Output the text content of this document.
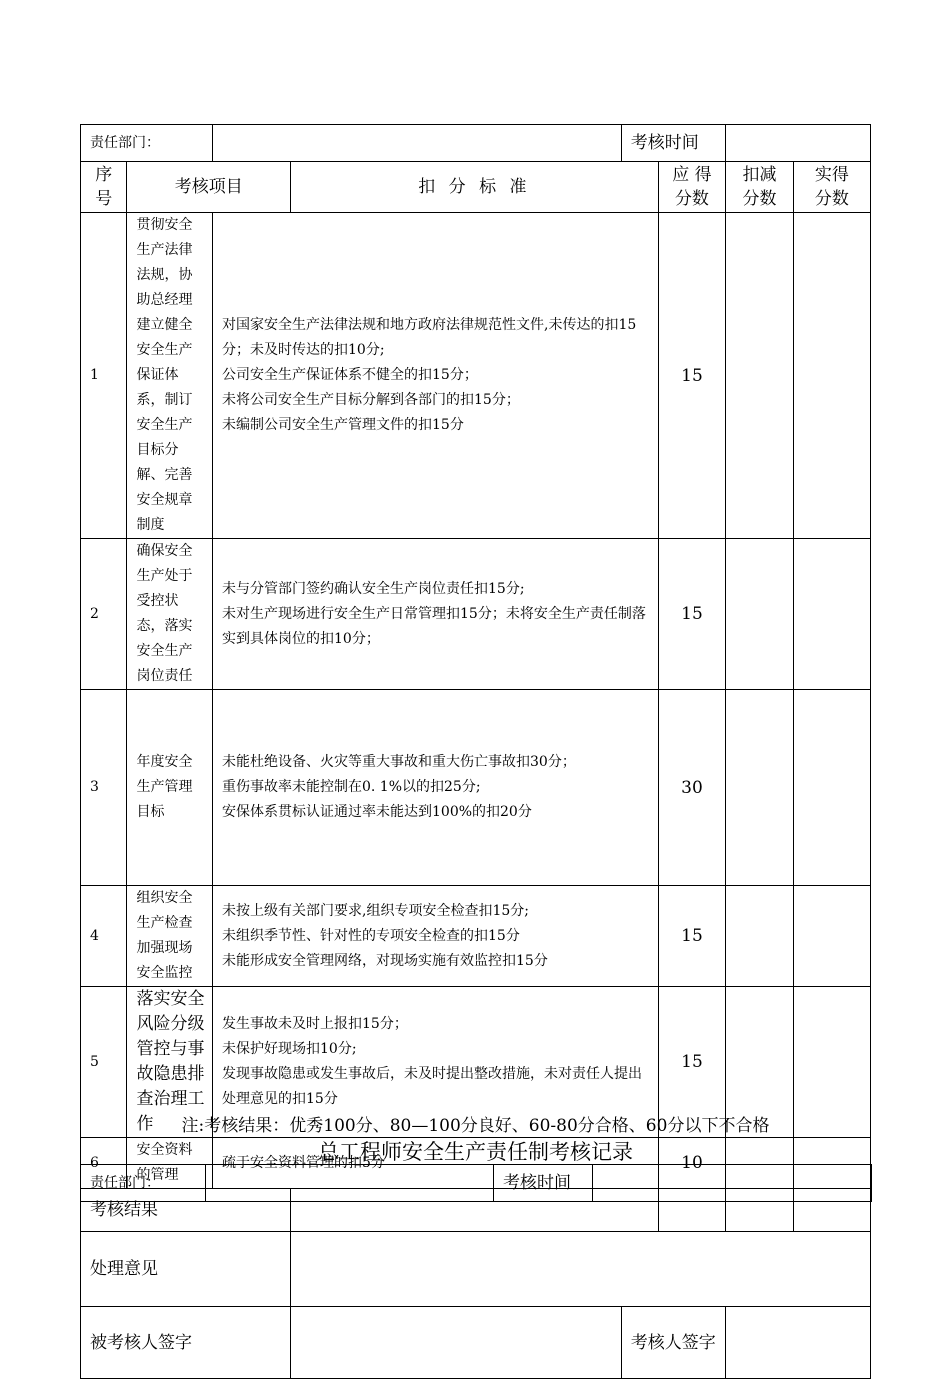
责任部门：				考核时间			

序号	考核项目		扣 分 标 准		应 得分数	扣减分数	实得分数

1	贯彻安全生产法律法规，协助总经理建立健全安全生产保证体系，制订安全生产目标分解、完善安全规章制度	对国家安全生产法律法规和地方政府法律规范性文件,未传达的扣15分；未及时传达的扣10分;
公司安全生产保证体系不健全的扣15分；
未将公司安全生产目标分解到各部门的扣15分；
未编制公司安全生产管理文件的扣15分			15		
2	确保安全生产处于受控状态，落实安全生产岗位责任	未与分管部门签约确认安全生产岗位责任扣15分;
未对生产现场进行安全生产日常管理扣15分；未将安全生产责任制落实到具体岗位的扣10分；			15		
3	年度安全生产管理目标	未能杜绝设备、火灾等重大事故和重大伤亡事故扣30分；
重伤事故率未能控制在0. 1%以的扣25分;
安保体系贯标认证通过率未能达到100%的扣20分			30		
4	组织安全生产检查加强现场安全监控	未按上级有关部门要求,组织专项安全检查扣15分;
未组织季节性、针对性的专项安全检查的扣15分
未能形成安全管理网络，对现场实施有效监控扣15分			15		
5	落实安全风险分级管控与事故隐患排查治理工作	发生事故未及时上报扣15分；
未保护好现场扣10分;
发现事故隐患或发生事故后，未及时提出整改措施，未对责任人提出处理意见的扣15分			15		
6	安全资料的管理	疏于安全资料管理的扣5分			10		
考核结果							
处理意见							
被考核人签字				考核人签字			
注:考核结果：优秀100分、80—100分良好、60-80分合格、60分以下不合格
总工程师安全生产责任制考核记录
责任部门：		考核时间	
